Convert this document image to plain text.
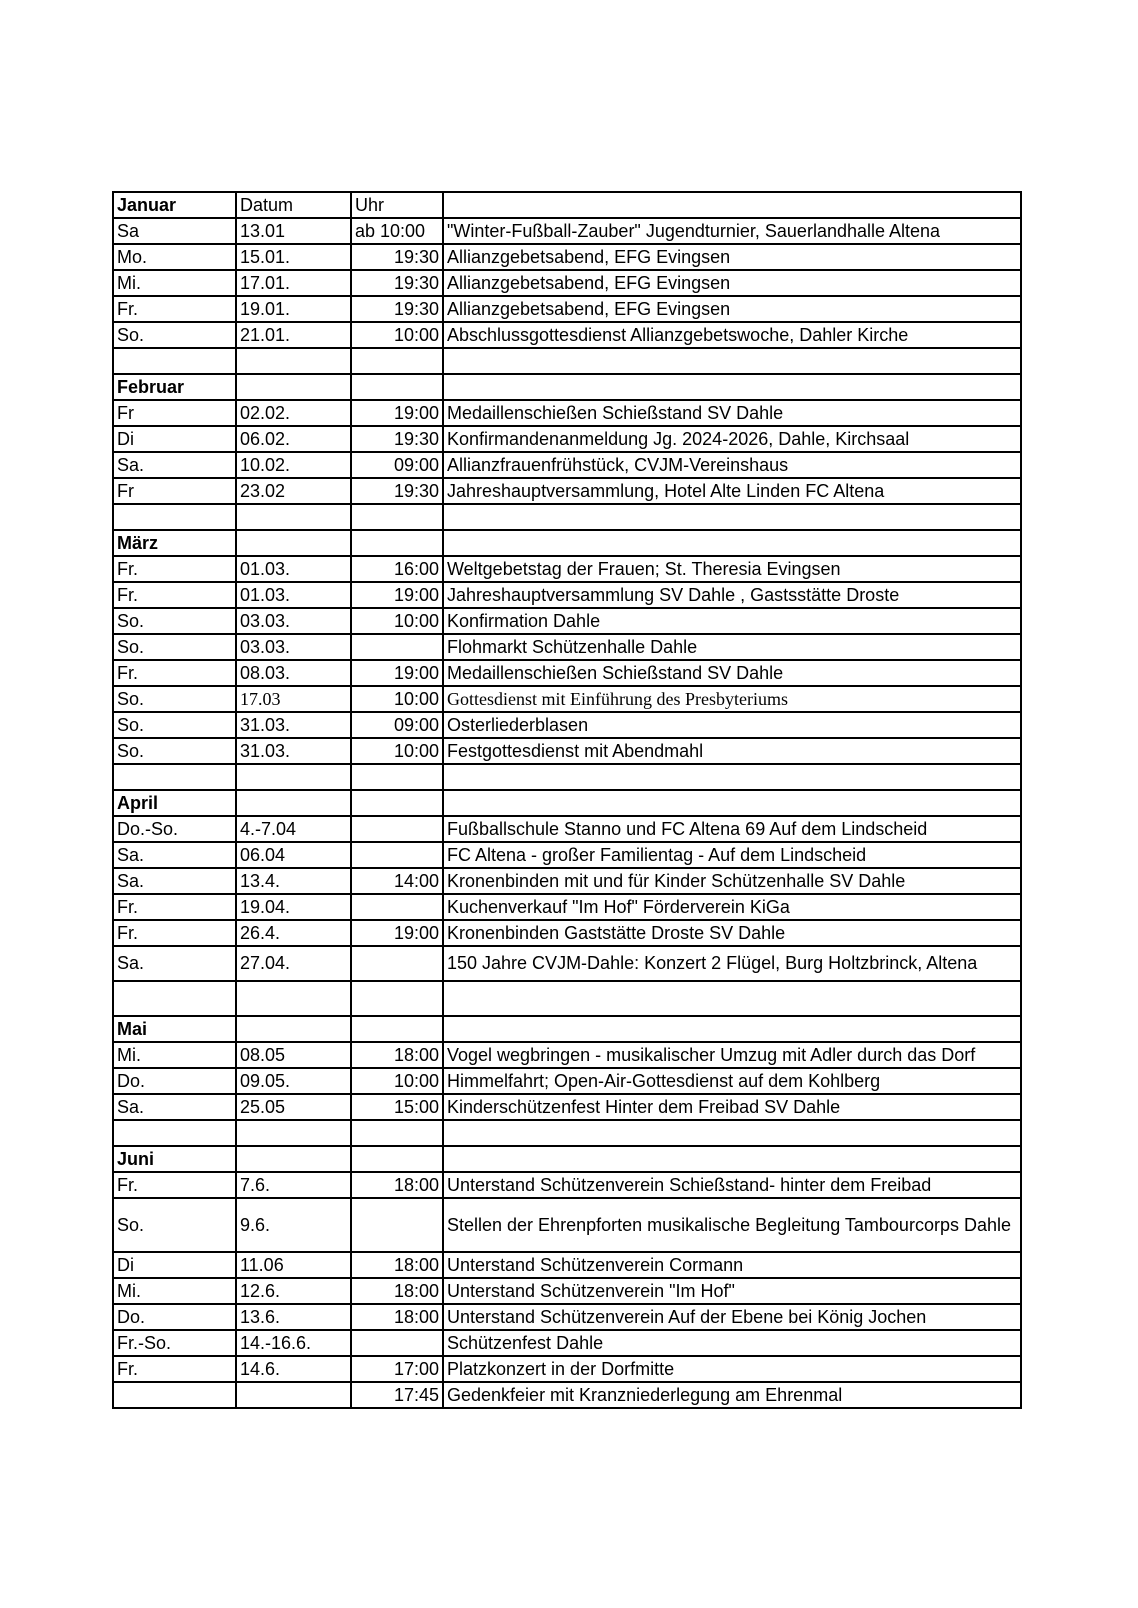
Januar	Datum	Uhr	
Sa	13.01	ab 10:00	"Winter-Fußball-Zauber" Jugendturnier, Sauerlandhalle Altena
Mo.	15.01.	19:30	Allianzgebetsabend, EFG Evingsen
Mi.	17.01.	19:30	Allianzgebetsabend, EFG Evingsen
Fr.	19.01.	19:30	Allianzgebetsabend, EFG Evingsen
So.	21.01.	10:00	Abschlussgottesdienst Allianzgebetswoche, Dahler Kirche

Februar			
Fr	02.02.	19:00	Medaillenschießen Schießstand SV Dahle
Di	06.02.	19:30	Konfirmandenanmeldung Jg. 2024-2026, Dahle, Kirchsaal
Sa.	10.02.	09:00	Allianzfrauenfrühstück, CVJM-Vereinshaus
Fr	23.02	19:30	Jahreshauptversammlung, Hotel Alte Linden FC Altena

März			
Fr.	01.03.	16:00	Weltgebetstag der Frauen; St. Theresia Evingsen
Fr.	01.03.	19:00	Jahreshauptversammlung SV Dahle , Gastsstätte Droste
So.	03.03.	10:00	Konfirmation Dahle
So.	03.03.		Flohmarkt Schützenhalle Dahle
Fr.	08.03.	19:00	Medaillenschießen Schießstand SV Dahle
So.	17.03	10:00	Gottesdienst mit Einführung des Presbyteriums
So.	31.03.	09:00	Osterliederblasen
So.	31.03.	10:00	Festgottesdienst mit Abendmahl

April			
Do.-So.	4.-7.04		Fußballschule Stanno und FC Altena 69 Auf dem Lindscheid
Sa.	06.04		FC Altena - großer Familientag - Auf dem Lindscheid
Sa.	13.4.	14:00	Kronenbinden mit und für Kinder Schützenhalle SV Dahle
Fr.	19.04.		Kuchenverkauf "Im Hof" Förderverein KiGa
Fr.	26.4.	19:00	Kronenbinden Gaststätte Droste SV Dahle
Sa.	27.04.		150 Jahre CVJM-Dahle: Konzert 2 Flügel, Burg Holtzbrinck, Altena

Mai			
Mi.	08.05	18:00	Vogel wegbringen - musikalischer Umzug mit Adler durch das Dorf
Do.	09.05.	10:00	Himmelfahrt; Open-Air-Gottesdienst auf dem Kohlberg
Sa.	25.05	15:00	Kinderschützenfest Hinter dem Freibad SV Dahle

Juni			
Fr.	7.6.	18:00	Unterstand Schützenverein Schießstand- hinter dem Freibad
So.	9.6.		Stellen der Ehrenpforten musikalische Begleitung Tambourcorps Dahle
Di	11.06	18:00	Unterstand Schützenverein Cormann
Mi.	12.6.	18:00	Unterstand Schützenverein "Im Hof"
Do.	13.6.	18:00	Unterstand Schützenverein Auf der Ebene bei König Jochen
Fr.-So.	14.-16.6.		Schützenfest Dahle
Fr.	14.6.	17:00	Platzkonzert in der Dorfmitte
		17:45	Gedenkfeier mit Kranzniederlegung am Ehrenmal
